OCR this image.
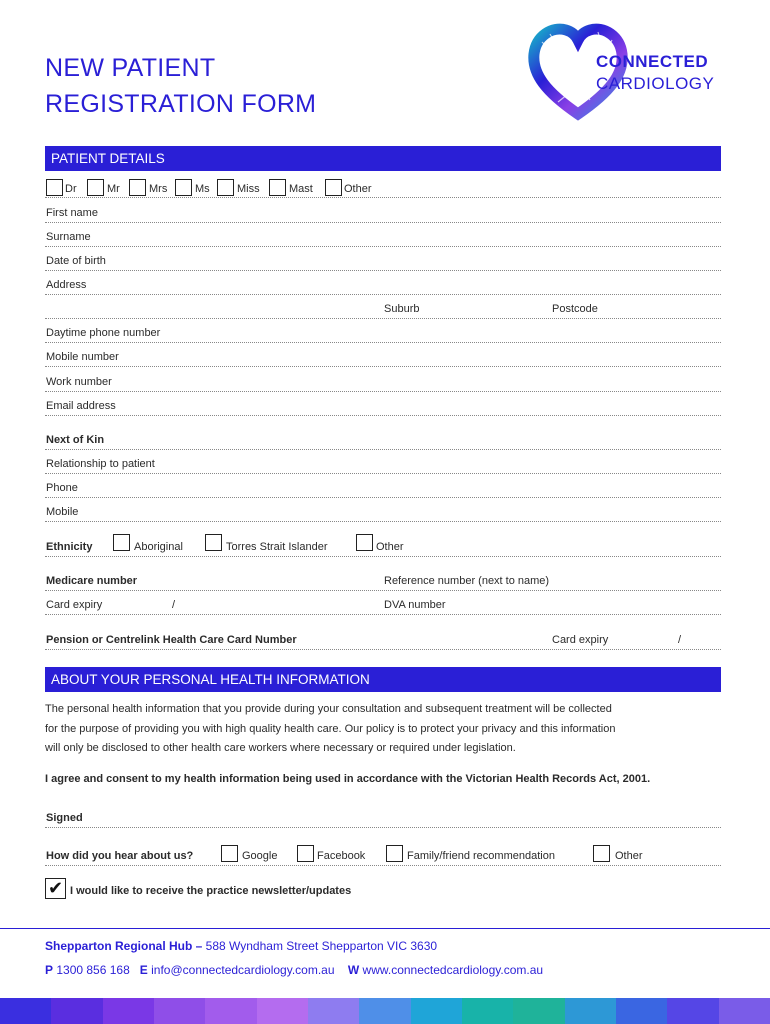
NEW PATIENT
REGISTRATION FORM
CONNECTED
CARDIOLOGY
PATIENT DETAILS
Dr	Mr	Mrs	Ms Miss	Mast	Other
First name
Surname
Date of birth
Address
Suburb	Postcode
Daytime phone number
Mobile number
Work number
Email address
Next of Kin
Relationship to patient
Phone
Mobile
Ethnicity	Aboriginal	Torres Strait Islander	Other
Medicare number	Reference number (next to name)
Card expiry	/	DVA number
Pension or Centrelink Health Care Card Number	Card expiry	/
ABOUT YOUR PERSONAL HEALTH INFORMATION
The personal health information that you provide during your consultation and subsequent treatment will be collected
for the purpose of providing you with high quality health care. Our policy is to protect your privacy and this information
will only be disclosed to other health care workers where necessary or required under legislation.
I agree and consent to my health information being used in accordance with the Victorian Health Records Act, 2001.
Signed
How did you hear about us?	Google	Facebook	Family/friend recommendation	Other
✔ I would like to receive the practice newsletter/updates
Shepparton Regional Hub – 588 Wyndham Street Shepparton VIC 3630
P 1300 856 168 E info@connectedcardiology.com.au W www.connectedcardiology.com.au
